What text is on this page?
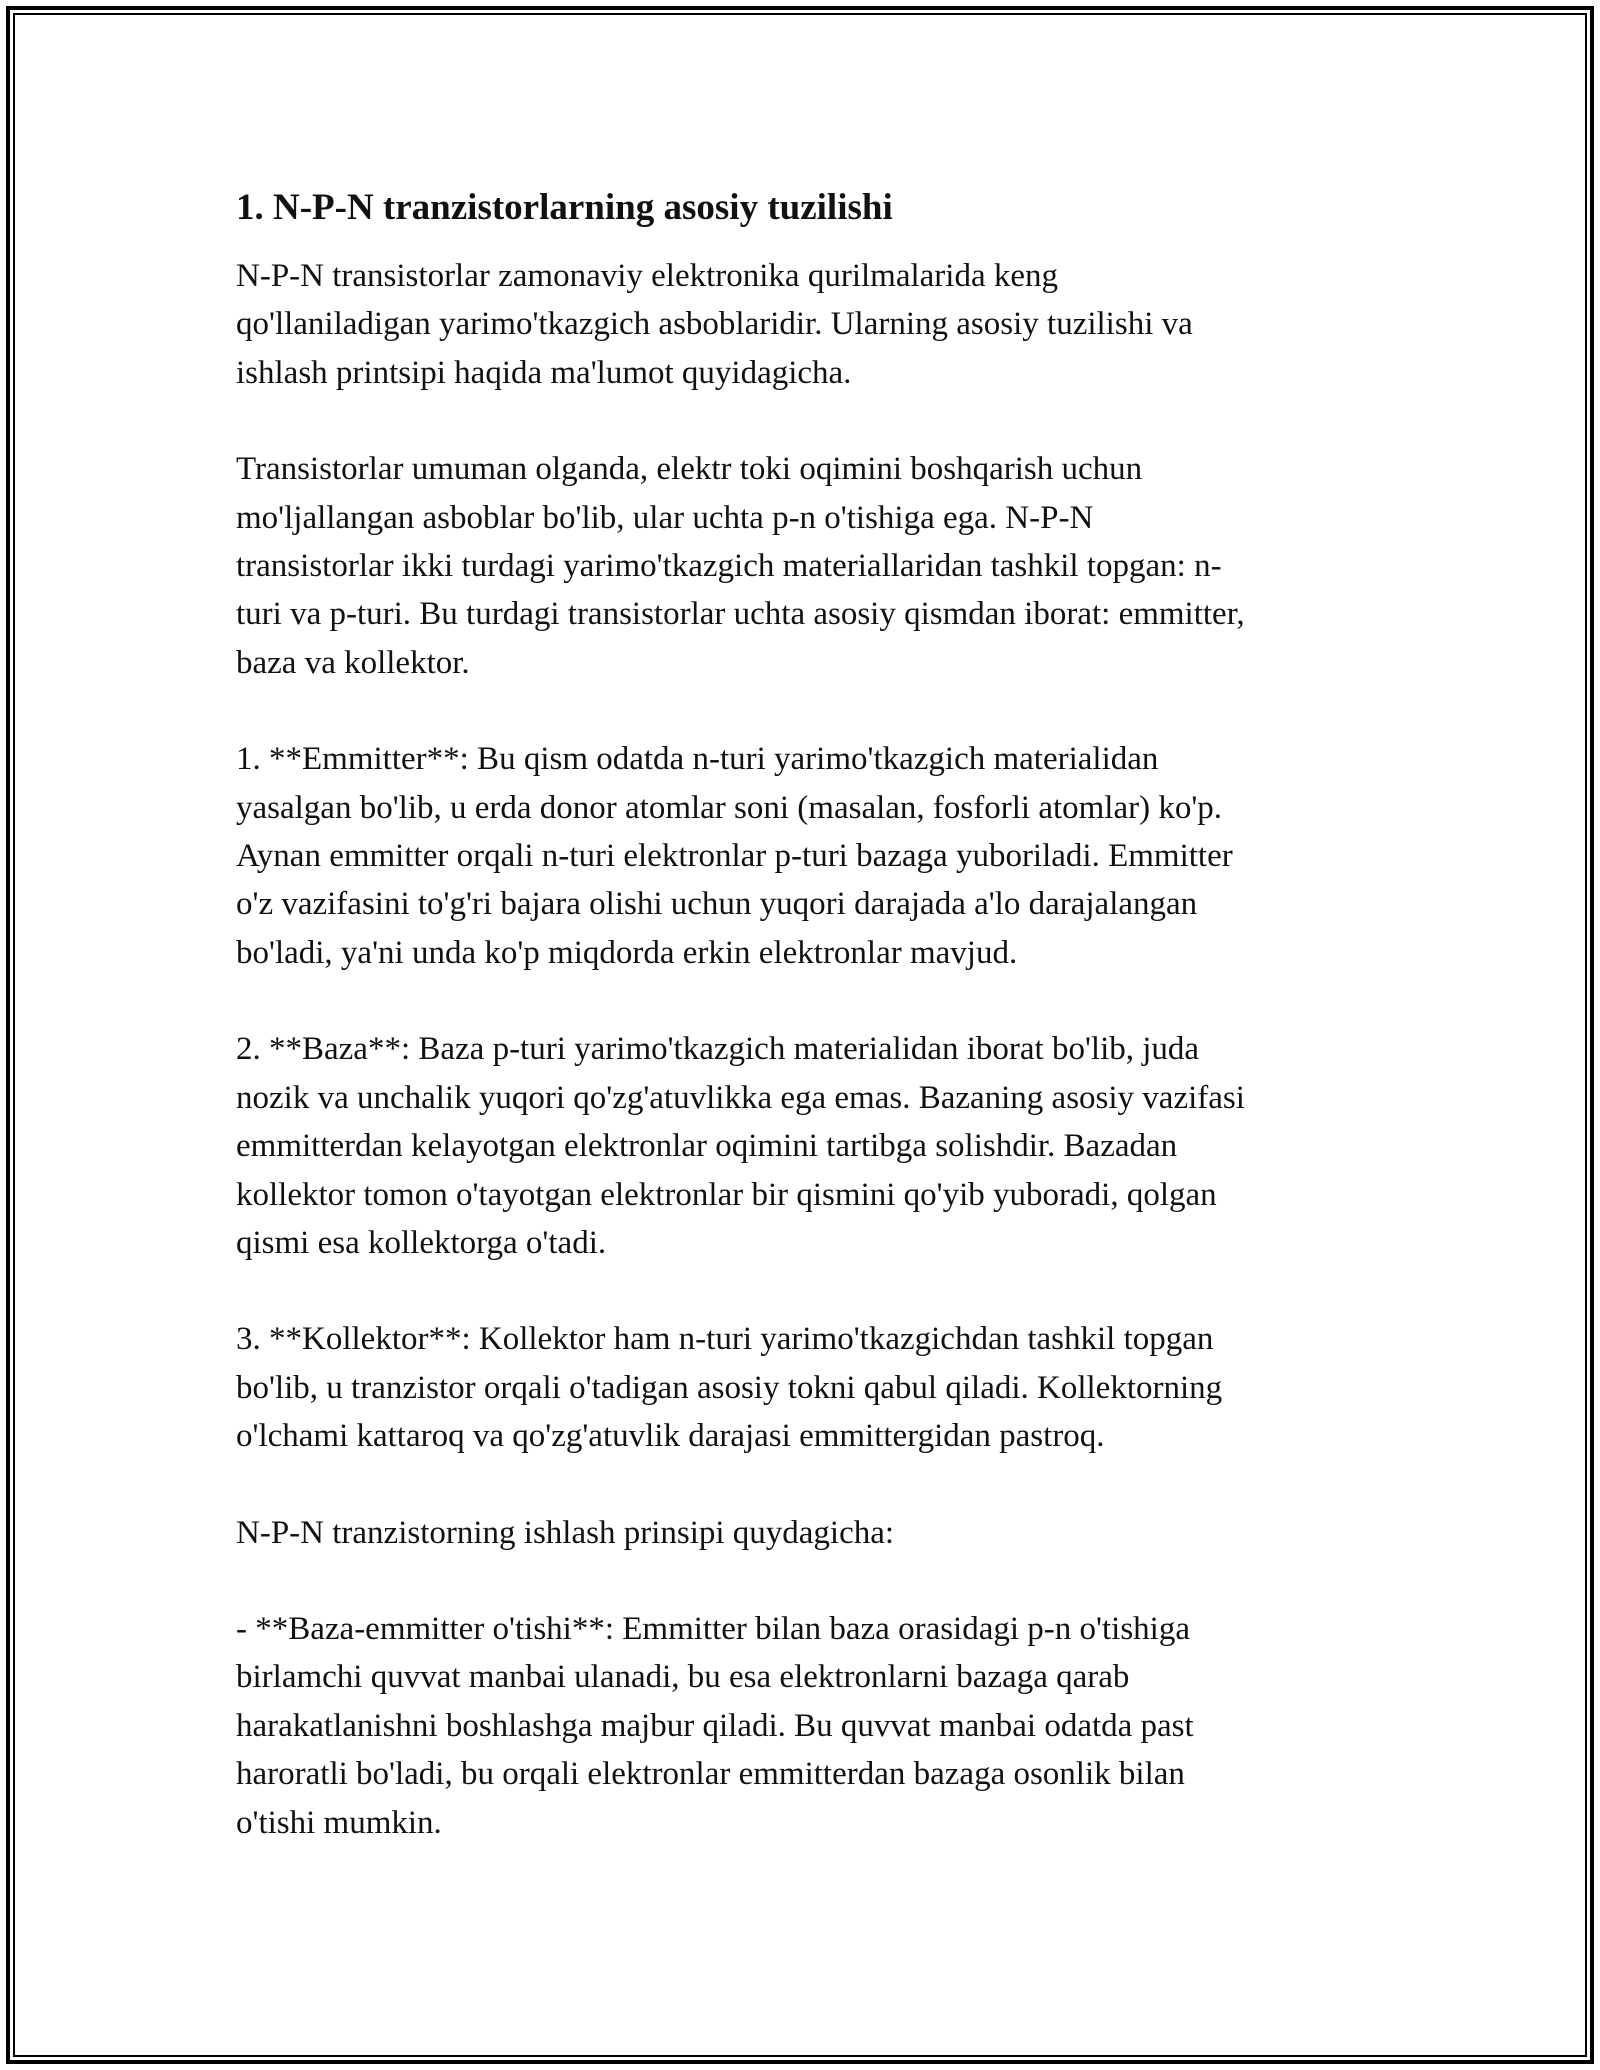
1. N-P-N tranzistorlarning asosiy tuzilishi

N-P-N transistorlar zamonaviy elektronika qurilmalarida keng
qo'llaniladigan yarimo'tkazgich asboblaridir. Ularning asosiy tuzilishi va
ishlash printsipi haqida ma'lumot quyidagicha.

Transistorlar umuman olganda, elektr toki oqimini boshqarish uchun
mo'ljallangan asboblar bo'lib, ular uchta p-n o'tishiga ega. N-P-N
transistorlar ikki turdagi yarimo'tkazgich materiallaridan tashkil topgan: n-
turi va p-turi. Bu turdagi transistorlar uchta asosiy qismdan iborat: emmitter,
baza va kollektor.

1. **Emmitter**: Bu qism odatda n-turi yarimo'tkazgich materialidan
yasalgan bo'lib, u erda donor atomlar soni (masalan, fosforli atomlar) ko'p.
Aynan emmitter orqali n-turi elektronlar p-turi bazaga yuboriladi. Emmitter
o'z vazifasini to'g'ri bajara olishi uchun yuqori darajada a'lo darajalangan
bo'ladi, ya'ni unda ko'p miqdorda erkin elektronlar mavjud.

2. **Baza**: Baza p-turi yarimo'tkazgich materialidan iborat bo'lib, juda
nozik va unchalik yuqori qo'zg'atuvlikka ega emas. Bazaning asosiy vazifasi
emmitterdan kelayotgan elektronlar oqimini tartibga solishdir. Bazadan
kollektor tomon o'tayotgan elektronlar bir qismini qo'yib yuboradi, qolgan
qismi esa kollektorga o'tadi.

3. **Kollektor**: Kollektor ham n-turi yarimo'tkazgichdan tashkil topgan
bo'lib, u tranzistor orqali o'tadigan asosiy tokni qabul qiladi. Kollektorning
o'lchami kattaroq va qo'zg'atuvlik darajasi emmittergidan pastroq.

N-P-N tranzistorning ishlash prinsipi quydagicha:

- **Baza-emmitter o'tishi**: Emmitter bilan baza orasidagi p-n o'tishiga
birlamchi quvvat manbai ulanadi, bu esa elektronlarni bazaga qarab
harakatlanishni boshlashga majbur qiladi. Bu quvvat manbai odatda past
haroratli bo'ladi, bu orqali elektronlar emmitterdan bazaga osonlik bilan
o'tishi mumkin.
